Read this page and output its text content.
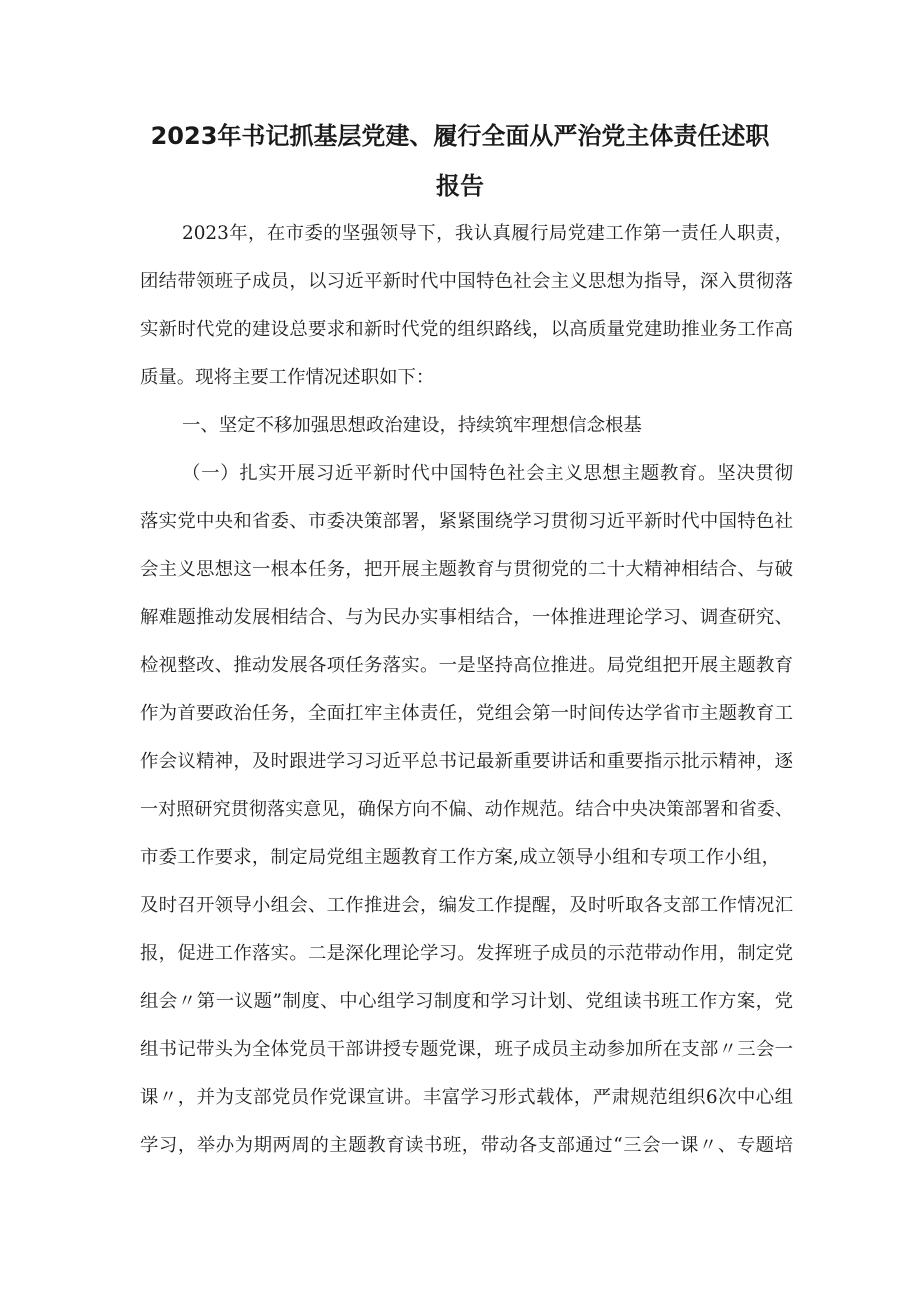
2023年书记抓基层党建、履行全面从严治党主体责任述职
报告
2023年，在市委的坚强领导下，我认真履行局党建工作第一责任人职责，
团结带领班子成员，以习近平新时代中国特色社会主义思想为指导，深入贯彻落
实新时代党的建设总要求和新时代党的组织路线，以高质量党建助推业务工作高
质量。现将主要工作情况述职如下：
一、坚定不移加强思想政治建设，持续筑牢理想信念根基
（一）扎实开展习近平新时代中国特色社会主义思想主题教育。坚决贯彻
落实党中央和省委、市委决策部署，紧紧围绕学习贯彻习近平新时代中国特色社
会主义思想这一根本任务，把开展主题教育与贯彻党的二十大精神相结合、与破
解难题推动发展相结合、与为民办实事相结合，一体推进理论学习、调查研究、
检视整改、推动发展各项任务落实。一是坚持高位推进。局党组把开展主题教育
作为首要政治任务，全面扛牢主体责任，党组会第一时间传达学省市主题教育工
作会议精神，及时跟进学习习近平总书记最新重要讲话和重要指示批示精神，逐
一对照研究贯彻落实意见，确保方向不偏、动作规范。结合中央决策部署和省委、
市委工作要求，制定局党组主题教育工作方案,成立领导小组和专项工作小组，
及时召开领导小组会、工作推进会，编发工作提醒，及时听取各支部工作情况汇
报，促进工作落实。二是深化理论学习。发挥班子成员的示范带动作用，制定党
组会〃第一议题”制度、中心组学习制度和学习计划、党组读书班工作方案，党
组书记带头为全体党员干部讲授专题党课，班子成员主动参加所在支部〃三会一
课〃，并为支部党员作党课宣讲。丰富学习形式载体，严肃规范组织6次中心组
学习，举办为期两周的主题教育读书班，带动各支部通过“三会一课〃、专题培
